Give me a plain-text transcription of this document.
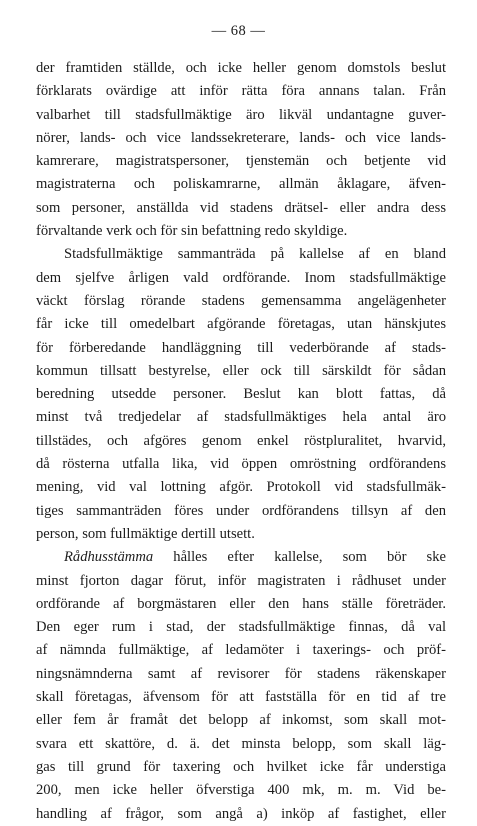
— 68 —
der framtiden ställde, och icke heller genom domstols beslut
förklarats ovärdige att inför rätta föra annans talan. Från
valbarhet till stadsfullmäktige äro likväl undantagne guver-
nörer, lands- och vice landssekreterare, lands- och vice lands-
kamrerare, magistratspersoner, tjenstemän och betjente vid
magistraterna och poliskamrarne, allmän åklagare, äfven-
som personer, anställda vid stadens drätsel- eller andra dess
förvaltande verk och för sin befattning redo skyldige.
Stadsfullmäktige sammanträda på kallelse af en bland
dem sjelfve årligen vald ordförande. Inom stadsfullmäktige
väckt förslag rörande stadens gemensamma angelägenheter
får icke till omedelbart afgörande företagas, utan hänskjutes
för förberedande handläggning till vederbörande af stads-
kommun tillsatt bestyrelse, eller ock till särskildt för sådan
beredning utsedde personer. Beslut kan blott fattas, då
minst två tredjedelar af stadsfullmäktiges hela antal äro
tillstädes, och afgöres genom enkel röstpluralitet, hvarvid,
då rösterna utfalla lika, vid öppen omröstning ordförandens
mening, vid val lottning afgör. Protokoll vid stadsfullmäk-
tiges sammanträden föres under ordförandens tillsyn af den
person, som fullmäktige dertill utsett.
Rådhusstämma hålles efter kallelse, som bör ske
minst fjorton dagar förut, inför magistraten i rådhuset under
ordförande af borgmästaren eller den hans ställe företräder.
Den eger rum i stad, der stadsfullmäktige finnas, då val
af nämnda fullmäktige, af ledamöter i taxerings- och pröf-
ningsnämnderna samt af revisorer för stadens räkenskaper
skall företagas, äfvensom för att fastställa för en tid af tre
eller fem år framåt det belopp af inkomst, som skall mot-
svara ett skattöre, d. ä. det minsta belopp, som skall läg-
gas till grund för taxering och hvilket icke får understiga
200, men icke heller öfverstiga 400 mk, m. m. Vid be-
handling af frågor, som angå a) inköp af fastighet, eller
